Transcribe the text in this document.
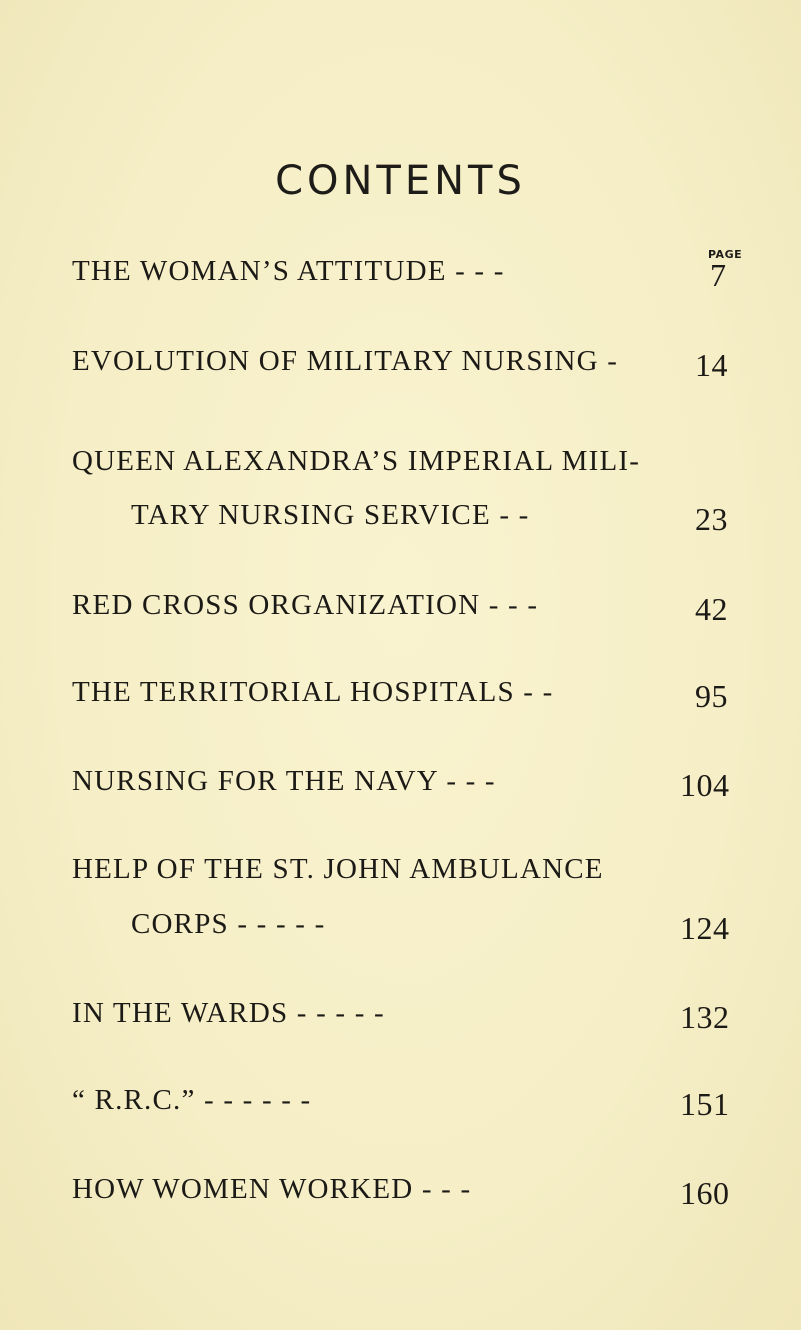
CONTENTS
PAGE
THE WOMAN’S ATTITUDE - - -	7
EVOLUTION OF MILITARY NURSING - 14
QUEEN ALEXANDRA’S IMPERIAL MILI-
TARY NURSING SERVICE - -	23
RED CROSS ORGANIZATION - - -	42
THE TERRITORIAL HOSPITALS - -	95
NURSING FOR THE NAVY - - -	104
HELP OF THE ST. JOHN AMBULANCE
CORPS - - - - -	124
IN THE WARDS - - - - -	132
“ R.R.C.” - - - - - -	151
HOW WOMEN WORKED - - -	160
